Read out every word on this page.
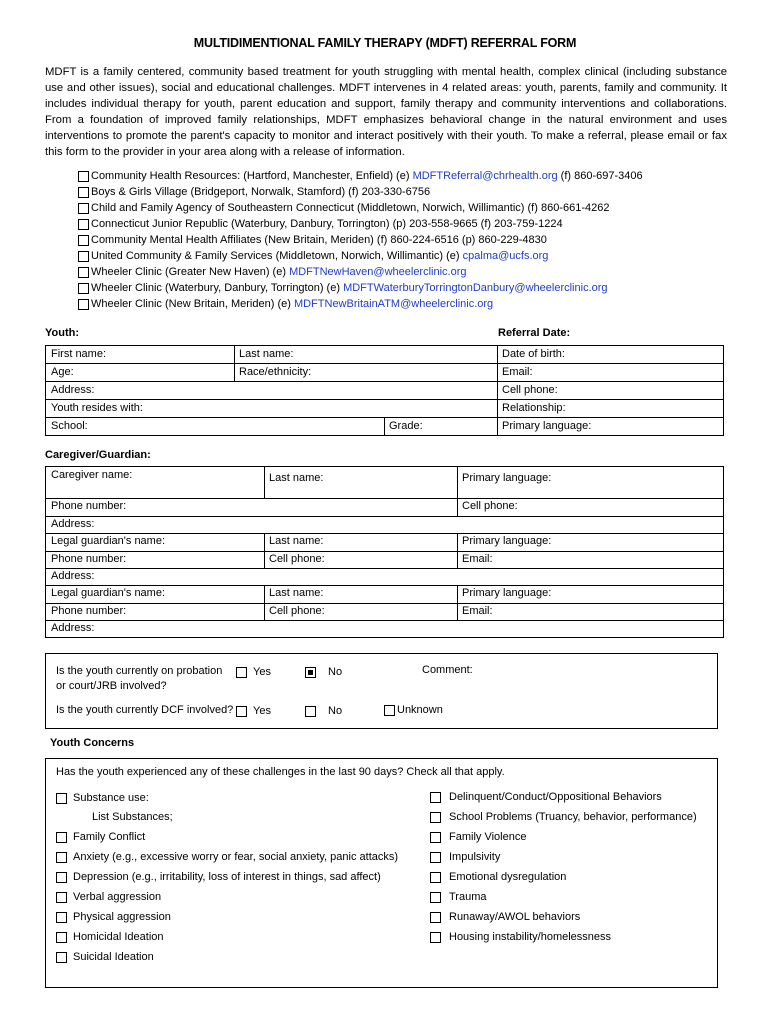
MULTIDIMENTIONAL FAMILY THERAPY (MDFT) REFERRAL FORM
MDFT is a family centered, community based treatment for youth struggling with mental health, complex clinical (including substance use and other issues), social and educational challenges. MDFT intervenes in 4 related areas: youth, parents, family and community. It includes individual therapy for youth, parent education and support, family therapy and community interventions and collaborations. From a foundation of improved family relationships, MDFT emphasizes behavioral change in the natural environment and uses interventions to promote the parent's capacity to monitor and interact positively with their youth. To make a referral, please email or fax this form to the provider in your area along with a release of information.
Community Health Resources: (Hartford, Manchester, Enfield) (e) MDFTReferral@chrhealth.org (f) 860-697-3406
Boys & Girls Village (Bridgeport, Norwalk, Stamford) (f) 203-330-6756
Child and Family Agency of Southeastern Connecticut (Middletown, Norwich, Willimantic) (f) 860-661-4262
Connecticut Junior Republic (Waterbury, Danbury, Torrington) (p) 203-558-9665 (f) 203-759-1224
Community Mental Health Affiliates (New Britain, Meriden) (f) 860-224-6516 (p) 860-229-4830
United Community & Family Services (Middletown, Norwich, Willimantic) (e) cpalma@ucfs.org
Wheeler Clinic (Greater New Haven) (e) MDFTNewHaven@wheelerclinic.org
Wheeler Clinic (Waterbury, Danbury, Torrington) (e) MDFTWaterburyTorringtonDanbury@wheelerclinic.org
Wheeler Clinic (New Britain, Meriden) (e) MDFTNewBritainATM@wheelerclinic.org
Youth:	Referral Date:
First name:	Last name:	Date of birth:
Age:	Race/ethnicity:	Email:
Address:	Cell phone:
Youth resides with:	Relationship:
School:	Grade:	Primary language:
Caregiver/Guardian:
Caregiver name:	Last name:	Primary language:
Phone number:	Cell phone:
Address:
Legal guardian's name:	Last name:	Primary language:
Phone number:	Cell phone:	Email:
Address:
Legal guardian's name:	Last name:	Primary language:
Phone number:	Cell phone:	Email:
Address:
Is the youth currently on probation or court/JRB involved?
Yes	No	Comment:
Is the youth currently DCF involved? Yes	No	Unknown
Youth Concerns
Has the youth experienced any of these challenges in the last 90 days? Check all that apply.
Substance use:
Family Conflict
Anxiety (e.g., excessive worry or fear, social anxiety, panic attacks)
Depression (e.g., irritability, loss of interest in things, sad affect)
Verbal aggression
Physical aggression
Homicidal Ideation
Suicidal Ideation
List Substances;
Delinquent/Conduct/Oppositional Behaviors
School Problems (Truancy, behavior, performance)
Family Violence
Impulsivity
Emotional dysregulation
Trauma
Runaway/AWOL behaviors
Housing instability/homelessness
